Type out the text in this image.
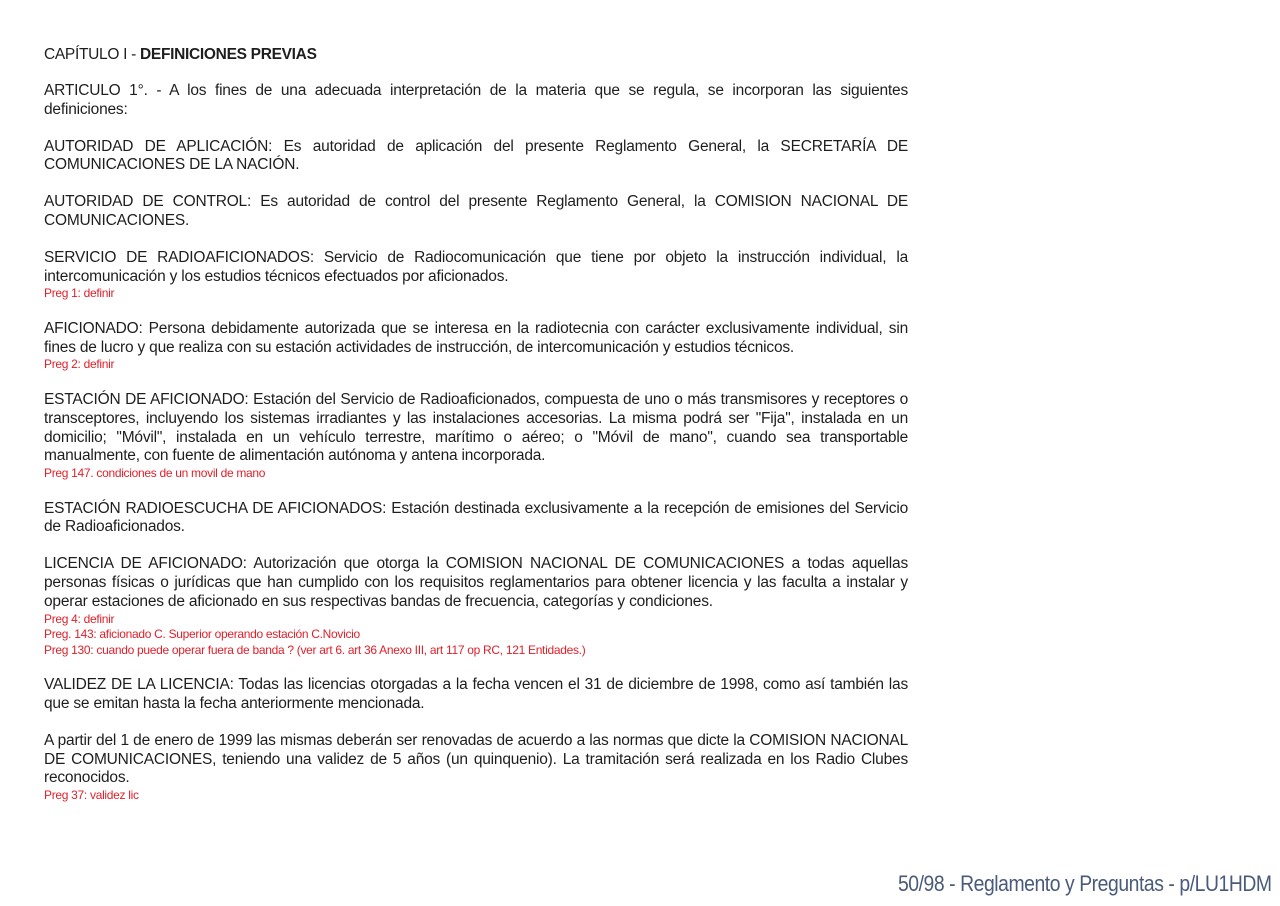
CAPÍTULO I - DEFINICIONES PREVIAS

ARTICULO 1°. - A los fines de una adecuada interpretación de la materia que se regula, se incorporan las siguientes definiciones:

AUTORIDAD DE APLICACIÓN: Es autoridad de aplicación del presente Reglamento General, la SECRETARÍA DE COMUNICACIONES DE LA NACIÓN.

AUTORIDAD DE CONTROL: Es autoridad de control del presente Reglamento General, la COMISION NACIONAL DE COMUNICACIONES.

SERVICIO DE RADIOAFICIONADOS: Servicio de Radiocomunicación que tiene por objeto la instrucción individual, la intercomunicación y los estudios técnicos efectuados por aficionados.

Preg 1: definir

AFICIONADO: Persona debidamente autorizada que se interesa en la radiotecnia con carácter exclusivamente individual, sin fines de lucro y que realiza con su estación actividades de instrucción, de intercomunicación y estudios técnicos.

Preg 2: definir

ESTACIÓN DE AFICIONADO: Estación del Servicio de Radioaficionados, compuesta de uno o más transmisores y receptores o transceptores, incluyendo los sistemas irradiantes y las instalaciones accesorias. La misma podrá ser "Fija", instalada en un domicilio; "Móvil", instalada en un vehículo terrestre, marítimo o aéreo; o "Móvil de mano", cuando sea transportable manualmente, con fuente de alimentación autónoma y antena incorporada.

Preg 147. condiciones de un movil de mano

ESTACIÓN RADIOESCUCHA DE AFICIONADOS: Estación destinada exclusivamente a la recepción de emisiones del Servicio de Radioaficionados.

LICENCIA DE AFICIONADO: Autorización que otorga la COMISION NACIONAL DE COMUNICACIONES a todas aquellas personas físicas o jurídicas que han cumplido con los requisitos reglamentarios para obtener licencia y las faculta a instalar y operar estaciones de aficionado en sus respectivas bandas de frecuencia, categorías y condiciones.

Preg 4: definir

Preg. 143: aficionado C. Superior operando estación C.Novicio

Preg 130: cuando puede operar fuera de banda ? (ver art 6. art 36 Anexo III, art 117 op RC, 121 Entidades.)

VALIDEZ DE LA LICENCIA: Todas las licencias otorgadas a la fecha vencen el 31 de diciembre de 1998, como así también las que se emitan hasta la fecha anteriormente mencionada.

A partir del 1 de enero de 1999 las mismas deberán ser renovadas de acuerdo a las normas que dicte la COMISION NACIONAL DE COMUNICACIONES, teniendo una validez de 5 años (un quinquenio). La tramitación será realizada en los Radio Clubes reconocidos.

Preg 37: validez lic

50/98 - Reglamento y Preguntas - p/LU1HDM
